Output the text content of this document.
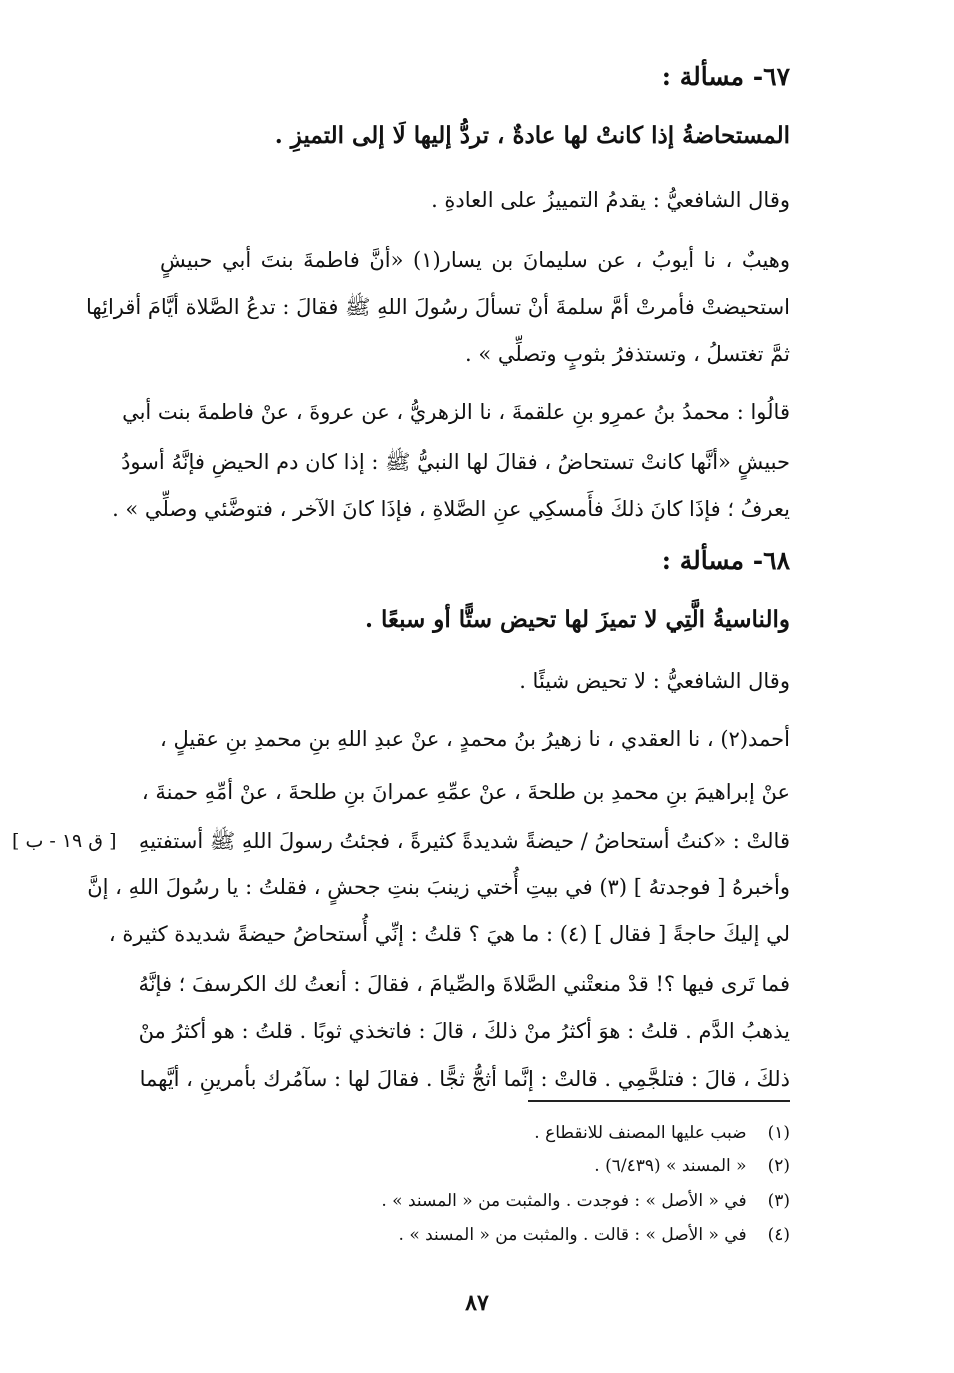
٦٧- مسألة :
المستحاضةُ إذا كانتْ لها عادةٌ ، تردُّ إليها لَا إلى التميزِ .
وقال الشافعيُّ : يقدمُ التمييزُ على العادةِ .
وهيبٌ ، نا أيوبُ ، عن سليمانَ بن يسار(١) «أنَّ فاطمةَ بنتَ أبي حبيشٍ
استحيضتْ فأمرتْ أمَّ سلمةَ أنْ تسألَ رسُولَ اللهِ ﷺ فقالَ : تدعُ الصَّلاة أيَّامَ أقرائِها
ثمَّ تغتسلُ ، وتستذفرُ بثوبٍ وتصلِّي » .
قالُوا : محمدُ بنُ عمرِو بنِ علقمةَ ، نا الزهريُّ ، عن عروةَ ، عنْ فاطمةَ بنت أبي
حبيشٍ «أنَّها كانتْ تستحاضُ ، فقالَ لها النبيُّ ﷺ : إذا كان دم الحيضِ فإنَّهُ أسودُ
يعرفُ ؛ فإذَا كانَ ذلكَ فأَمسكِي عنِ الصَّلاةِ ، فإذَا كانَ الآخر ، فتوضَّئي وصلِّي » .
٦٨- مسألة :
والناسيةُ الَّتِي لا تميزَ لها تحيض ستًّا أو سبعًا .
وقال الشافعيُّ : لا تحيض شيئًا .
أحمد(٢) ، نا العقدي ، نا زهيرُ بنُ محمدٍ ، عنْ عبدِ اللهِ بنِ محمدِ بنِ عقيلٍ ،
عنْ إبراهيمَ بنِ محمدِ بن طلحةَ ، عنْ عمِّهِ عمرانَ بنِ طلحةَ ، عنْ أمِّهِ حمنةَ ،
قالتْ : «كنتُ أستحاضُ / حيضةً شديدةً كثيرةً ، فجئتُ رسولَ اللهِ ﷺ أستفتيهِ
وأخبرهُ [ فوجدتهُ ] (٣) في بيتِ أُختي زينبَ بنتِ جحشٍ ، فقلتُ : يا رسُولَ اللهِ ، إنَّ
لي إليكَ حاجةً [ فقال ] (٤) : ما هيَ ؟ قلتُ : إنِّي أُستحاضُ حيضةً شديدة كثيرة ،
فما تَرى فيها ؟! قدْ منعتْني الصَّلاةَ والصِّيامَ ، فقالَ : أنعتُ لك الكرسفَ ؛ فإنَّهُ
يذهبُ الدَّم . قلتُ : هوَ أكثرُ منْ ذلكَ ، قالَ : فاتخذي ثوبًا . قلتُ : هو أكثرُ منْ
ذلكَ ، قالَ : فتلجَّمِي . قالتْ : إنَّما أثجُّ ثجًّا . فقالَ لها : سآمُرك بأمرينِ ، أيَّهما
[ ق ١٩ - ب ]
(١) ضبب عليها المصنف للانقطاع .
(٢) « المسند » (٦/٤٣٩) .
(٣) في « الأصل » : فوجدت . والمثبت من « المسند » .
(٤) في « الأصل » : قالت . والمثبت من « المسند » .
٨٧
